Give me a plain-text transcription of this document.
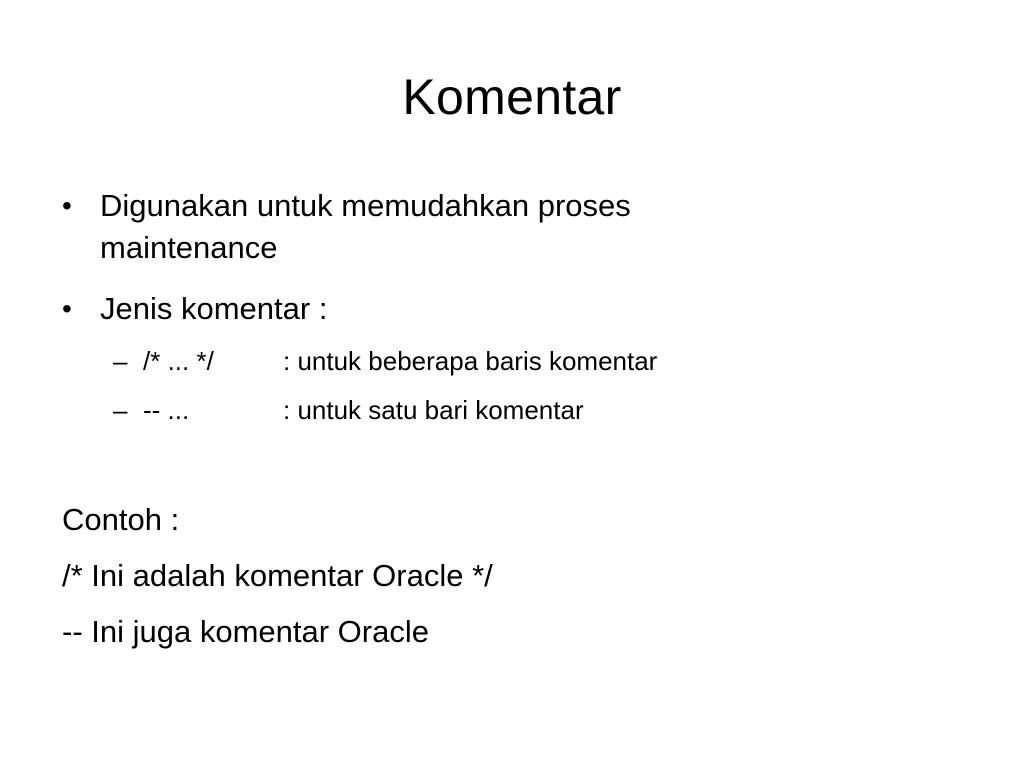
Komentar
• Digunakan untuk memudahkan proses
maintenance
• Jenis komentar :
– /* ... */	: untuk beberapa baris komentar
– -- ...	: untuk satu bari komentar
Contoh :
/* Ini adalah komentar Oracle */
-- Ini juga komentar Oracle
